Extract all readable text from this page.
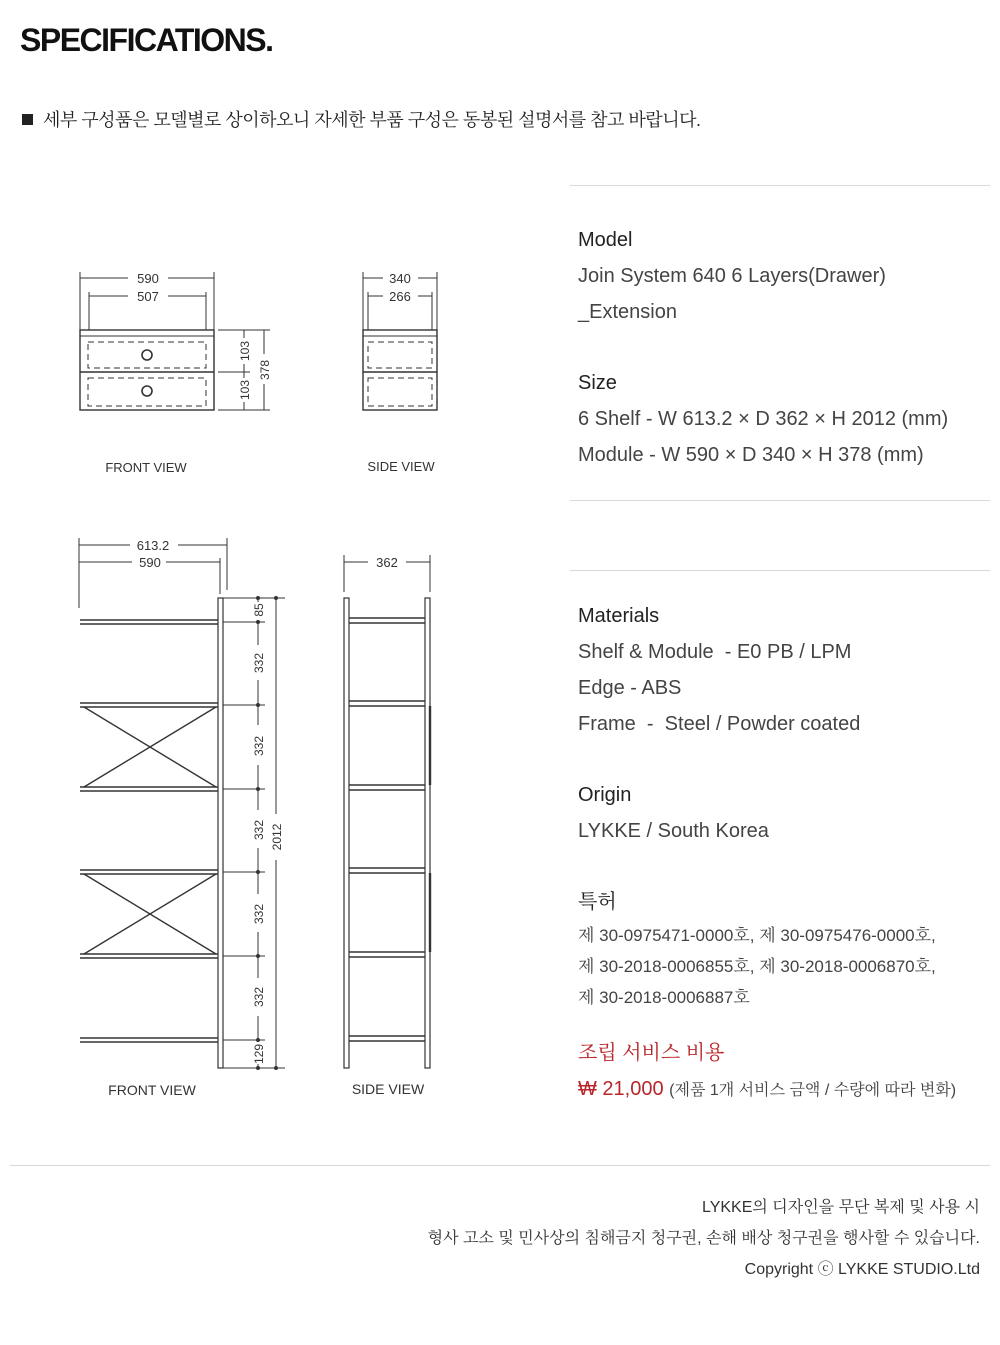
SPECIFICATIONS.
세부 구성품은 모델별로 상이하오니 자세한 부품 구성은 동봉된 설명서를 참고 바랍니다.
590
507
103
103
378
FRONT VIEW
340
266
SIDE VIEW
613.2
590
85
332
332
332
332
332
129
2012
FRONT VIEW
362
SIDE VIEW
Model
Join System 640 6 Layers(Drawer)
_Extension
Size
6 Shelf - W 613.2 × D 362 × H 2012 (mm)
Module - W 590 × D 340 × H 378 (mm)
Materials
Shelf & Module  - E0 PB / LPM
Edge - ABS
Frame  -  Steel / Powder coated
Origin
LYKKE / South Korea
특허
제 30-0975471-0000호, 제 30-0975476-0000호,
제 30-2018-0006855호, 제 30-2018-0006870호,
제 30-2018-0006887호
조립 서비스 비용
₩ 21,000 (제품 1개 서비스 금액 / 수량에 따라 변화)
LYKKE의 디자인을 무단 복제 및 사용 시
형사 고소 및 민사상의 침해금지 청구권, 손해 배상 청구권을 행사할 수 있습니다.
Copyright ⓒ LYKKE STUDIO.Ltd
